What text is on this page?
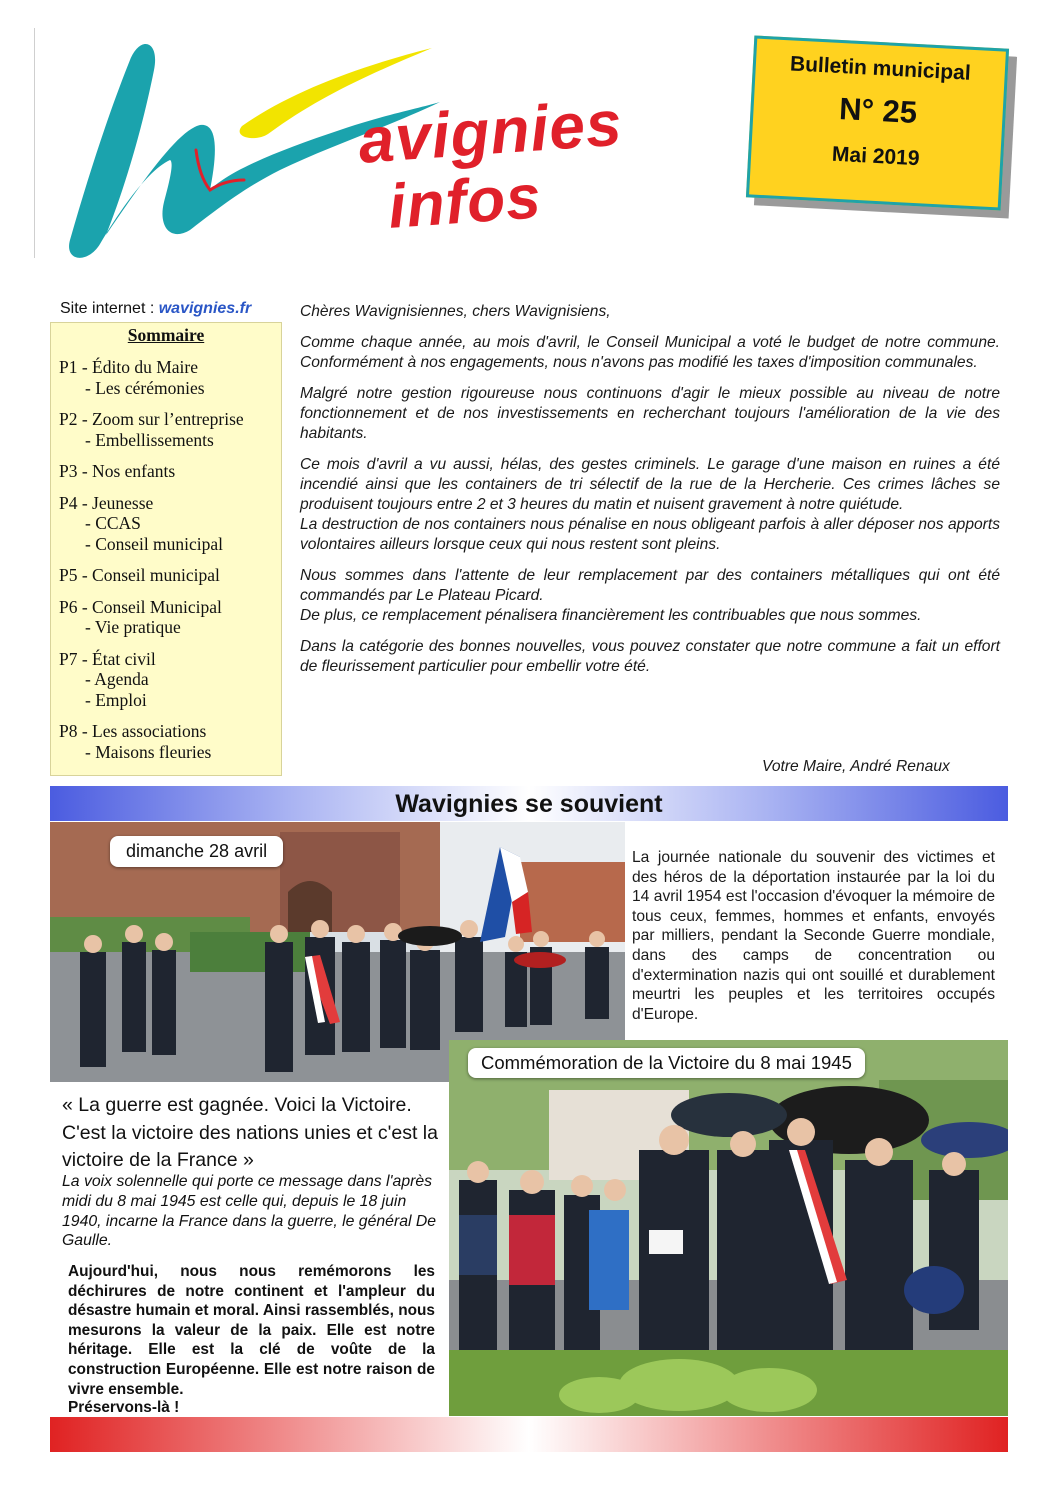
avignies
infos
Bulletin municipal
N° 25
Mai 2019
Site internet : wavignies.fr
Sommaire
P1 - Édito du Maire
- Les cérémonies
P2 - Zoom sur l’entreprise
- Embellissements
P3 - Nos enfants
P4 - Jeunesse
- CCAS
- Conseil municipal
P5 - Conseil municipal
P6 - Conseil Municipal
- Vie pratique
P7 - État civil
- Agenda
- Emploi
P8 - Les associations
- Maisons fleuries

Chères Wavignisiennes, chers Wavignisiens,

Comme chaque année, au mois d'avril, le Conseil Municipal a voté le budget de notre commune. Conformément à nos engagements, nous n'avons pas modifié les taxes d'imposition communales.

Malgré notre gestion rigoureuse nous continuons d'agir le mieux possible au niveau de notre fonctionnement et de nos investissements en recherchant toujours l'amélioration de la vie des habitants.

Ce mois d'avril a vu aussi, hélas, des gestes criminels. Le garage d'une maison en ruines a été incendié ainsi que les containers de tri sélectif de la rue de la Hercherie. Ces crimes lâches se produisent toujours entre 2 et 3 heures du matin et nuisent gravement à notre quiétude.

La destruction de nos containers nous pénalise en nous obligeant parfois à aller déposer nos apports volontaires ailleurs lorsque ceux qui nous restent sont pleins.

Nous sommes dans l'attente de leur remplacement par des containers métalliques qui ont été commandés par Le Plateau Picard.

De plus, ce remplacement pénalisera financièrement les contribuables que nous sommes.

Dans la catégorie des bonnes nouvelles, vous pouvez constater que notre commune a fait un effort de fleurissement particulier pour embellir votre été.

Votre Maire, André Renaux
Wavignies se souvient
dimanche 28 avril	La journée nationale du souvenir des victimes et des héros de la déportation instaurée par la loi du 14 avril 1954 est l'occasion d'évoquer la mémoire de tous ceux, femmes, hommes et enfants, envoyés par milliers, pendant la Seconde Guerre mondiale, dans des camps de concentration ou d'extermination nazis qui ont souillé et durablement meurtri les peuples et les territoires occupés d'Europe.
Commémoration de la Victoire du 8 mai 1945
« La guerre est gagnée. Voici la Victoire. C'est la victoire des nations unies et c'est la victoire de la France »
La voix solennelle qui porte ce message dans l'après midi du 8 mai 1945 est celle qui, depuis le 18 juin 1940, incarne la France dans la guerre, le général De Gaulle.
Aujourd'hui, nous nous remémorons les déchirures de notre continent et l'ampleur du désastre humain et moral. Ainsi rassemblés, nous mesurons la valeur de la paix. Elle est notre héritage. Elle est la clé de voûte de la construction Européenne. Elle est notre raison de vivre ensemble.
Préservons-là !
